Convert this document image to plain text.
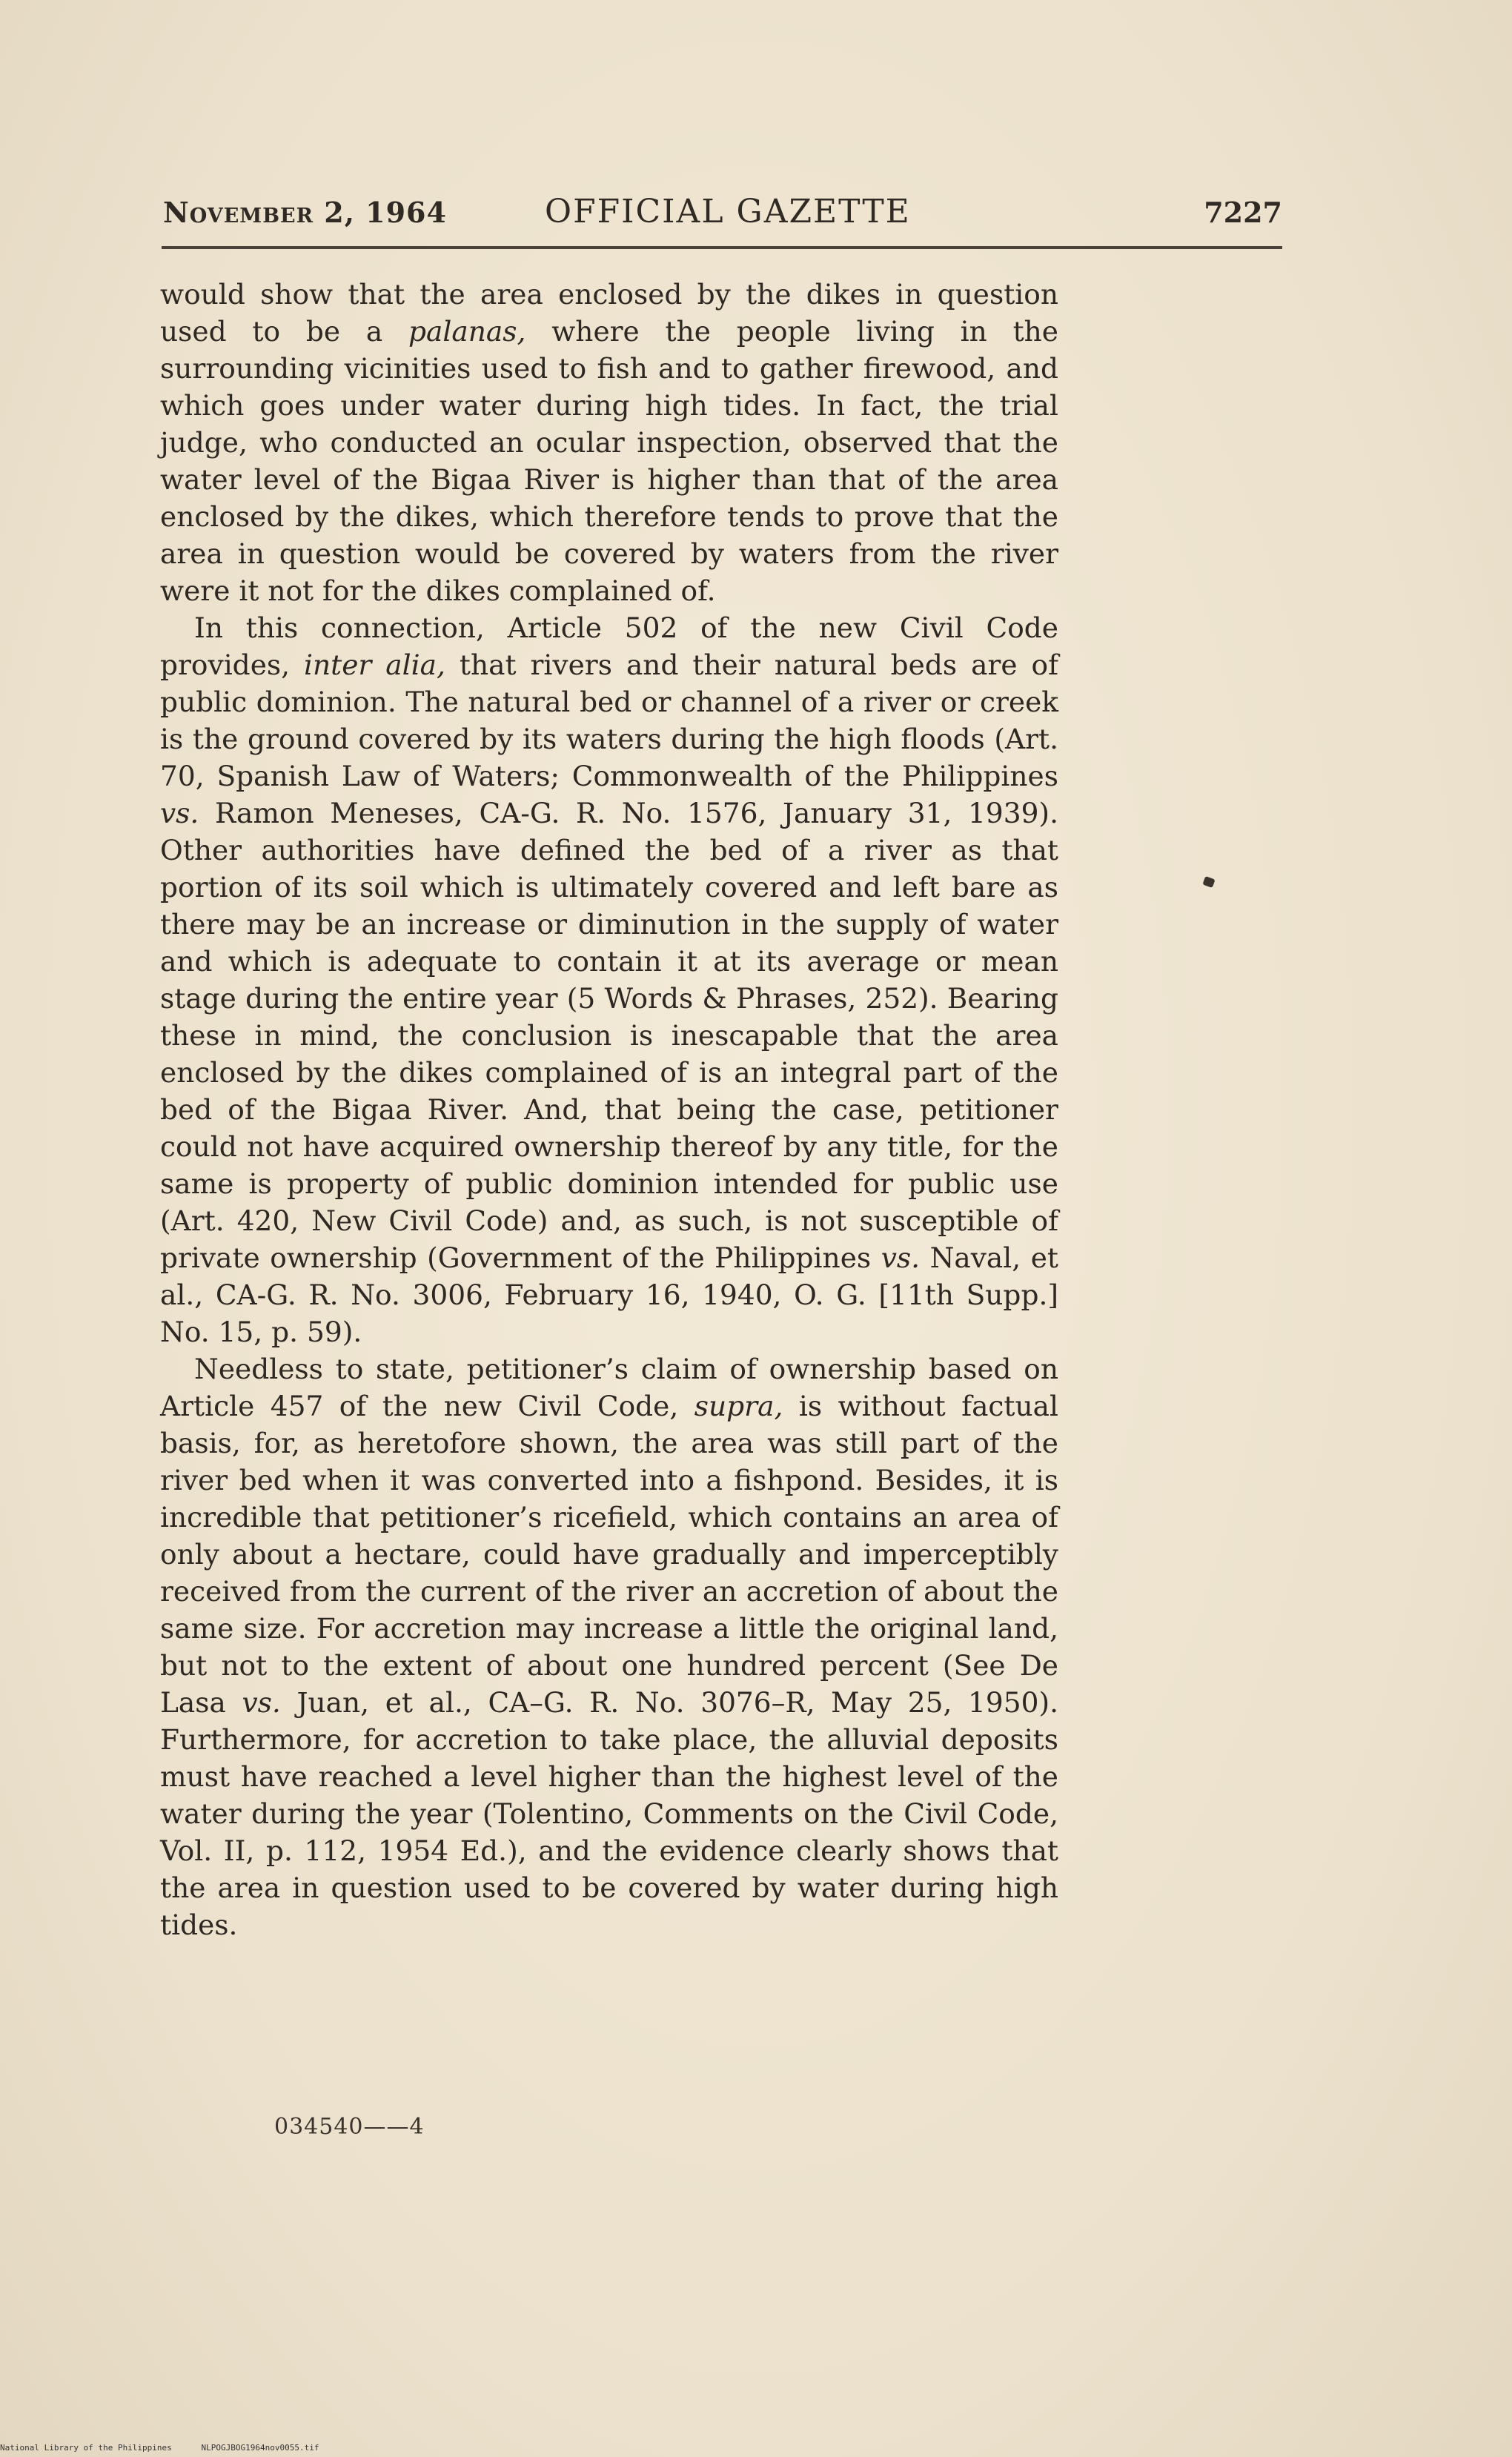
November 2, 1964	OFFICIAL GAZETTE	7227

would show that the area enclosed by the dikes in question used to be a palanas, where the people living in the surrounding vicinities used to fish and to gather firewood, and which goes under water during high tides. In fact, the trial judge, who conducted an ocular inspection, observed that the water level of the Bigaa River is higher than that of the area enclosed by the dikes, which therefore tends to prove that the area in question would be covered by waters from the river were it not for the dikes complained of.

In this connection, Article 502 of the new Civil Code provides, inter alia, that rivers and their natural beds are of public dominion. The natural bed or channel of a river or creek is the ground covered by its waters during the high floods (Art. 70, Spanish Law of Waters; Commonwealth of the Philippines vs. Ramon Meneses, CA-G. R. No. 1576, January 31, 1939). Other authorities have defined the bed of a river as that portion of its soil which is ultimately covered and left bare as there may be an increase or diminution in the supply of water and which is adequate to contain it at its average or mean stage during the entire year (5 Words & Phrases, 252). Bearing these in mind, the conclusion is inescapable that the area enclosed by the dikes complained of is an integral part of the bed of the Bigaa River. And, that being the case, petitioner could not have acquired ownership thereof by any title, for the same is property of public dominion intended for public use (Art. 420, New Civil Code) and, as such, is not susceptible of private ownership (Government of the Philippines vs. Naval, et al., CA-G. R. No. 3006, February 16, 1940, O. G. [11th Supp.] No. 15, p. 59).

Needless to state, petitioner’s claim of ownership based on Article 457 of the new Civil Code, supra, is without factual basis, for, as heretofore shown, the area was still part of the river bed when it was converted into a fishpond. Besides, it is incredible that petitioner’s ricefield, which contains an area of only about a hectare, could have gradually and imperceptibly received from the current of the river an accretion of about the same size. For accretion may increase a little the original land, but not to the extent of about one hundred percent (See De Lasa vs. Juan, et al., CA–G. R. No. 3076–R, May 25, 1950). Furthermore, for accretion to take place, the alluvial deposits must have reached a level higher than the highest level of the water during the year (Tolentino, Comments on the Civil Code, Vol. II, p. 112, 1954 Ed.), and the evidence clearly shows that the area in question used to be covered by water during high tides.

034540——4
National Library of the Philippines	NLPOGJBOG1964nov0055.tif
